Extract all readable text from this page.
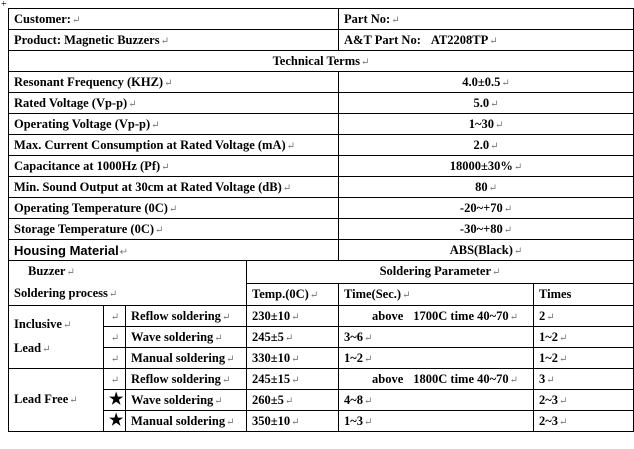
+
Customer:↵				Part No:↵	
Product: Magnetic Buzzers↵				A&T Part No: AT2208TP↵	
Technical Terms↵					
Resonant Frequency (KHZ)↵				4.0±0.5↵	
Rated Voltage (Vp-p)↵				5.0↵	
Operating Voltage (Vp-p)↵				1~30↵	
Max. Current Consumption at Rated Voltage (mA)↵				2.0↵	
Capacitance at 1000Hz (Pf)↵				18000±30%↵	
Min. Sound Output at 30cm at Rated Voltage (dB)↵				80↵	
Operating Temperature (0C)↵				-20~+70↵	
Storage Temperature (0C)↵				-30~+80↵	
Housing Material↵				ABS(Black)↵	
Buzzer↵
Soldering process↵			Soldering Parameter↵		
			Temp.(0C)↵	Time(Sec.)↵	Times
Inclusive↵
Lead↵	↵	Reflow soldering↵	230±10↵	above 1700C time 40~70↵	2↵
	↵	Wave soldering↵	245±5↵	3~6↵	1~2↵
	↵	Manual soldering↵	330±10↵	1~2↵	1~2↵
Lead Free↵	↵	Reflow soldering↵	245±15↵	above 1800C time 40~70↵	3↵
	★	Wave soldering↵	260±5↵	4~8↵	2~3↵
	★	Manual soldering↵	350±10↵	1~3↵	2~3↵
